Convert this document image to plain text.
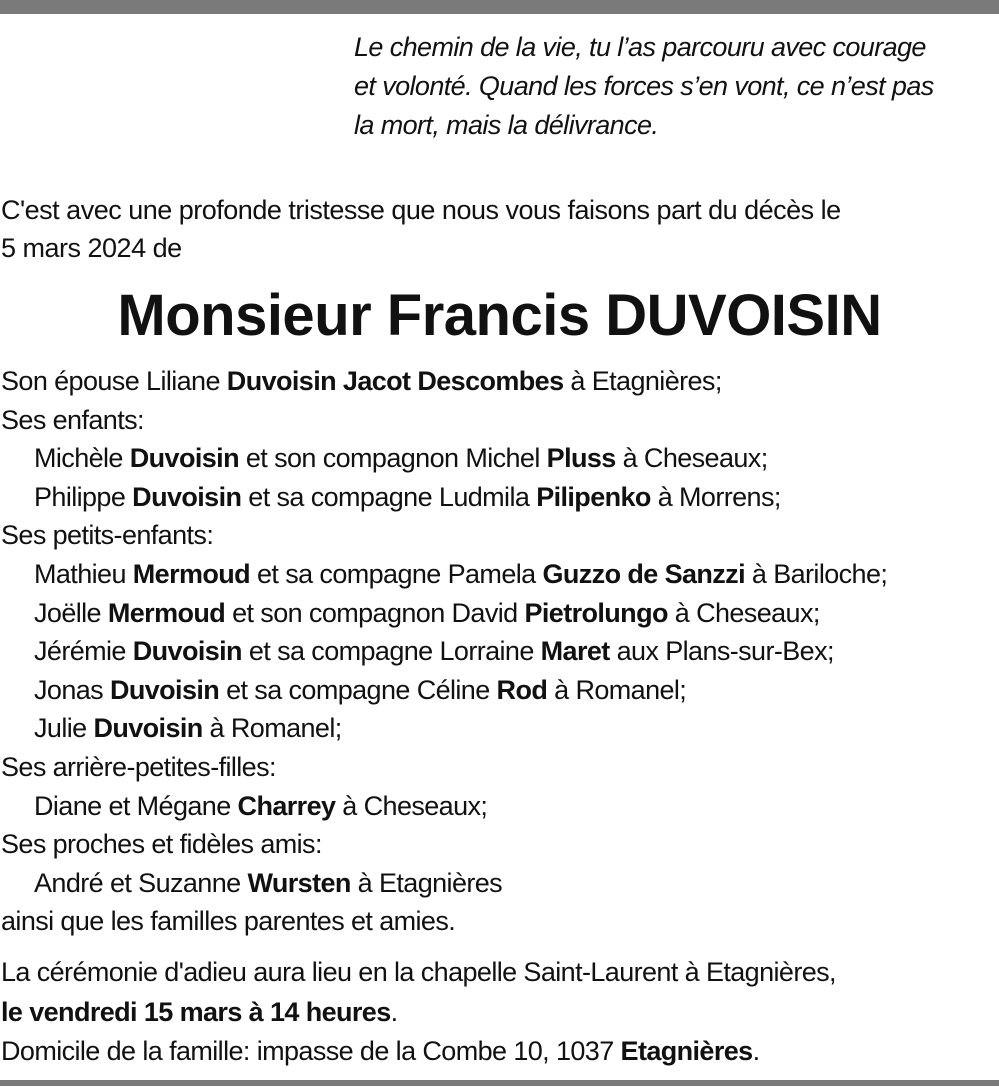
Le chemin de la vie, tu l’as parcouru avec courage
et volonté. Quand les forces s’en vont, ce n’est pas
la mort, mais la délivrance.
C'est avec une profonde tristesse que nous vous faisons part du décès le
5 mars 2024 de
Monsieur Francis DUVOISIN
Son épouse Liliane Duvoisin Jacot Descombes à Etagnières;
Ses enfants:
Michèle Duvoisin et son compagnon Michel Pluss à Cheseaux;
Philippe Duvoisin et sa compagne Ludmila Pilipenko à Morrens;
Ses petits-enfants:
Mathieu Mermoud et sa compagne Pamela Guzzo de Sanzzi à Bariloche;
Joëlle Mermoud et son compagnon David Pietrolungo à Cheseaux;
Jérémie Duvoisin et sa compagne Lorraine Maret aux Plans-sur-Bex;
Jonas Duvoisin et sa compagne Céline Rod à Romanel;
Julie Duvoisin à Romanel;
Ses arrière-petites-filles:
Diane et Mégane Charrey à Cheseaux;
Ses proches et fidèles amis:
André et Suzanne Wursten à Etagnières
ainsi que les familles parentes et amies.
La cérémonie d'adieu aura lieu en la chapelle Saint-Laurent à Etagnières,
le vendredi 15 mars à 14 heures.
Domicile de la famille: impasse de la Combe 10, 1037 Etagnières.
